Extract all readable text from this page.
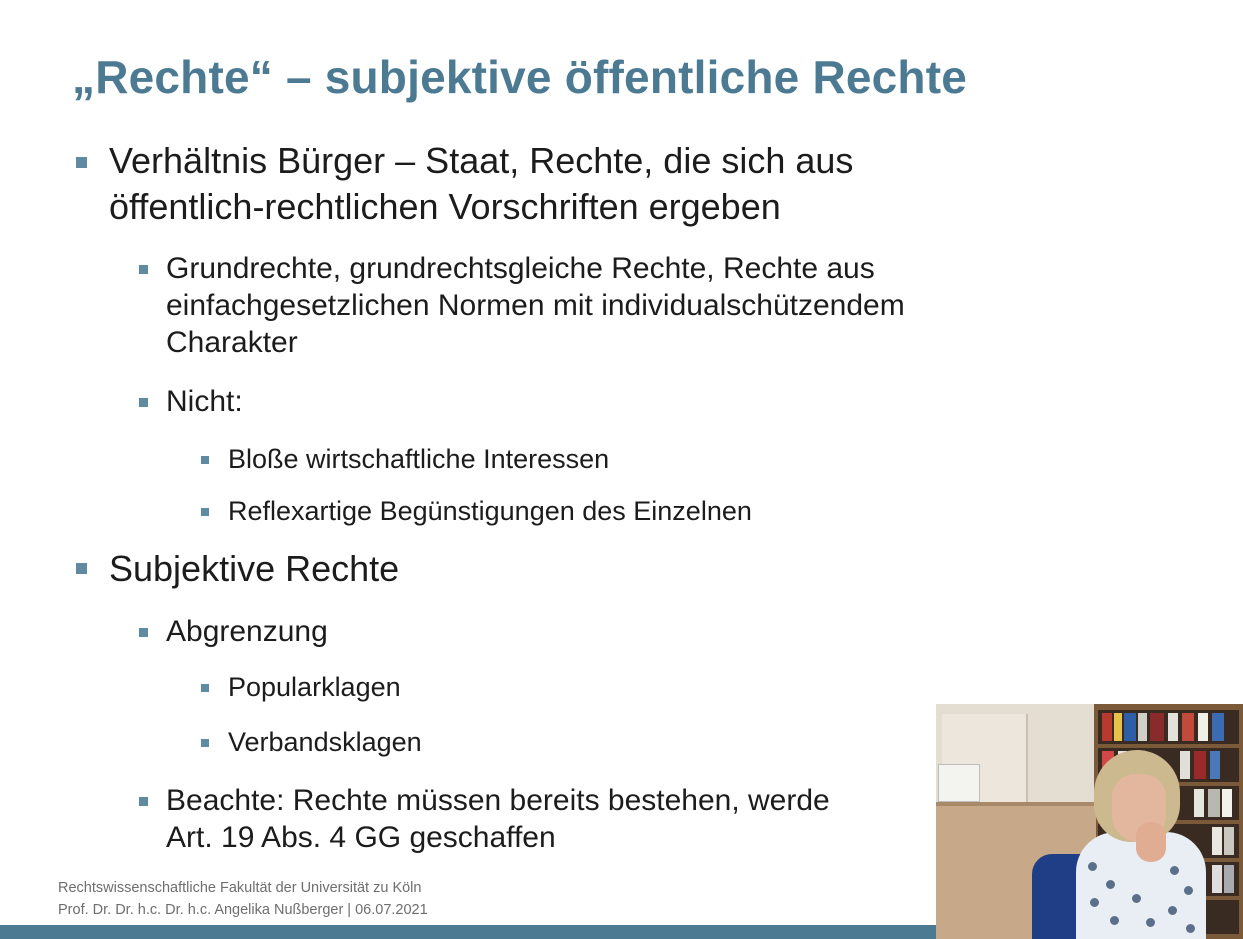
„Rechte“ – subjektive öffentliche Rechte
Verhältnis Bürger – Staat, Rechte, die sich aus
öffentlich-rechtlichen Vorschriften ergeben
Grundrechte, grundrechtsgleiche Rechte, Rechte aus
einfachgesetzlichen Normen mit individualschützendem
Charakter
Nicht:
Bloße wirtschaftliche Interessen
Reflexartige Begünstigungen des Einzelnen
Subjektive Rechte
Abgrenzung
Popularklagen
Verbandsklagen
Beachte: Rechte müssen bereits bestehen, werde
Art. 19 Abs. 4 GG geschaffen
Rechtswissenschaftliche Fakultät der Universität zu Köln
Prof. Dr. Dr. h.c. Dr. h.c. Angelika Nußberger | 06.07.2021
